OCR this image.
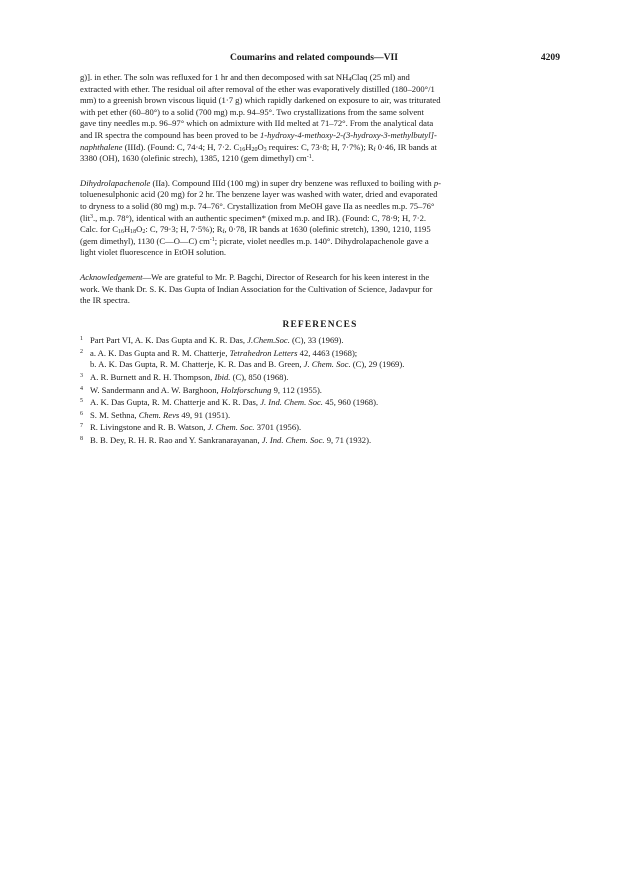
Coumarins and related compounds—VII	4209

g)]. in ether. The soln was refluxed for 1 hr and then decomposed with sat $NH_4Claq$ (25 ml) and
extracted with ether. The residual oil after removal of the ether was evaporatively distilled (180–200°/1
mm) to a greenish brown viscous liquid (1·7 g) which rapidly darkened on exposure to air, was triturated
with pet ether (60–80°) to a solid (700 mg) m.p. 94–95°. Two crystallizations from the same solvent
gave tiny needles m.p. 96–97° which on admixture with IId melted at 71–72°. From the analytical data
and IR spectra the compound has been proved to be 1-hydroxy-4-methoxy-2-(3-hydroxy-3-methylbutyl]-
naphthalene (IIId). (Found: C, 74·4; H, 7·2. $C_{16}H_{20}O_3$ requires: C, 73·8; H, 7·7%); $R_f$ 0·46, IR bands at
3380 (OH), 1630 (olefinic strech), 1385, 1210 (gem dimethyl) $cm^{-1}$.

Dihydrolapachenole (IIa). Compound IIId (100 mg) in super dry benzene was refluxed to boiling with p-
toluenesulphonic acid (20 mg) for 2 hr. The benzene layer was washed with water, dried and evaporated
to dryness to a solid (80 mg) m.p. 74–76°. Crystallization from MeOH gave IIa as needles m.p. 75–76°
(lit$^3$., m.p. 78°), identical with an authentic specimen* (mixed m.p. and IR). (Found: C, 78·9; H, 7·2.
Calc. for $C_{16}H_{18}O_2$: C, 79·3; H, 7·5%); $R_f$, 0·78, IR bands at 1630 (olefinic stretch), 1390, 1210, 1195
(gem dimethyl), 1130 (C—O—C) $cm^{-1}$; picrate, violet needles m.p. 140°. Dihydrolapachenole gave a
light violet fluorescence in EtOH solution.

Acknowledgement—We are grateful to Mr. P. Bagchi, Director of Research for his keen interest in the
work. We thank Dr. S. K. Das Gupta of Indian Association for the Cultivation of Science, Jadavpur for
the IR spectra.

REFERENCES

1 Part Part VI, A. K. Das Gupta and K. R. Das, J.Chem.Soc. (C), 33 (1969).

2 a. A. K. Das Gupta and R. M. Chatterje, Tetrahedron Letters 42, 4463 (1968);

b. A. K. Das Gupta, R. M. Chatterje, K. R. Das and B. Green, J. Chem. Soc. (C), 29 (1969).

3 A. R. Burnett and R. H. Thompson, Ibid. (C), 850 (1968).

4 W. Sandermann and A. W. Barghoon, Holzforschung 9, 112 (1955).

5 A. K. Das Gupta, R. M. Chatterje and K. R. Das, J. Ind. Chem. Soc. 45, 960 (1968).

6 S. M. Sethna, Chem. Revs 49, 91 (1951).

7 R. Livingstone and R. B. Watson, J. Chem. Soc. 3701 (1956).

8 B. B. Dey, R. H. R. Rao and Y. Sankranarayanan, J. Ind. Chem. Soc. 9, 71 (1932).
